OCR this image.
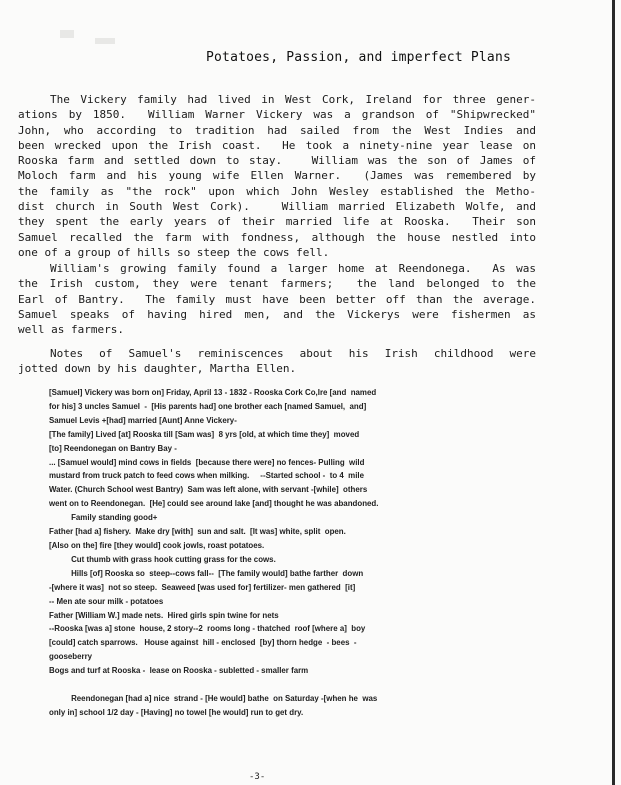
Potatoes, Passion, and imperfect Plans
The Vickery family had lived in West Cork, Ireland for three gener-
ations by 1850.  William Warner Vickery was a grandson of "Shipwrecked"
John, who according to tradition had sailed from the West Indies and
been wrecked upon the Irish coast.  He took a ninety-nine year lease on
Rooska farm and settled down to stay.   William was the son of James of
Moloch farm and his young wife Ellen Warner.  (James was remembered by
the family as "the rock" upon which John Wesley established the Metho-
dist church in South West Cork).   William married Elizabeth Wolfe, and
they spent the early years of their married life at Rooska.  Their son
Samuel recalled the farm with fondness, although the house nestled into
one of a group of hills so steep the cows fell.
William's growing family found a larger home at Reendonega.  As was
the Irish custom, they were tenant farmers;  the land belonged to the
Earl of Bantry.  The family must have been better off than the average.
Samuel speaks of having hired men, and the Vickerys were fishermen as
well as farmers.
Notes of Samuel's reminiscences about his Irish childhood were
jotted down by his daughter, Martha Ellen.
[Samuel] Vickery was born on] Friday, April 13 - 1832 - Rooska Cork Co,Ire [and  named
for his] 3 uncles Samuel  -  [His parents had] one brother each [named Samuel,  and]
Samuel Levis +[had] married [Aunt] Anne Vickery-
[The family] Lived [at] Rooska till [Sam was]  8 yrs [old, at which time they]  moved
[to] Reendonegan on Bantry Bay -
... [Samuel would] mind cows in fields  [because there were] no fences- Pulling  wild
mustard from truck patch to feed cows when milking.     --Started school -  to 4  mile
Water. (Church School west Bantry)  Sam was left alone, with servant -[while]  others
went on to Reendonegan.  [He] could see around lake [and] thought he was abandoned.
Family standing good+
Father [had a] fishery.  Make dry [with]  sun and salt.  [It was] white, split  open.
[Also on the] fire [they would] cook jowls, roast potatoes.
Cut thumb with grass hook cutting grass for the cows.
Hills [of] Rooska so  steep--cows fall--  [The family would] bathe farther  down
-[where it was]  not so steep.  Seaweed [was used for] fertilizer- men gathered  [it]
-- Men ate sour milk - potatoes
Father [William W.] made nets.  Hired girls spin twine for nets
--Rooska [was a] stone  house, 2 story--2  rooms long - thatched  roof [where a]  boy
[could] catch sparrows.   House against  hill - enclosed  [by] thorn hedge  - bees  -
gooseberry
Bogs and turf at Rooska -  lease on Rooska - subletted - smaller farm

Reendonegan [had a] nice  strand - [He would] bathe  on Saturday -[when he  was
only in] school 1/2 day - [Having] no towel [he would] run to get dry.
-3-
